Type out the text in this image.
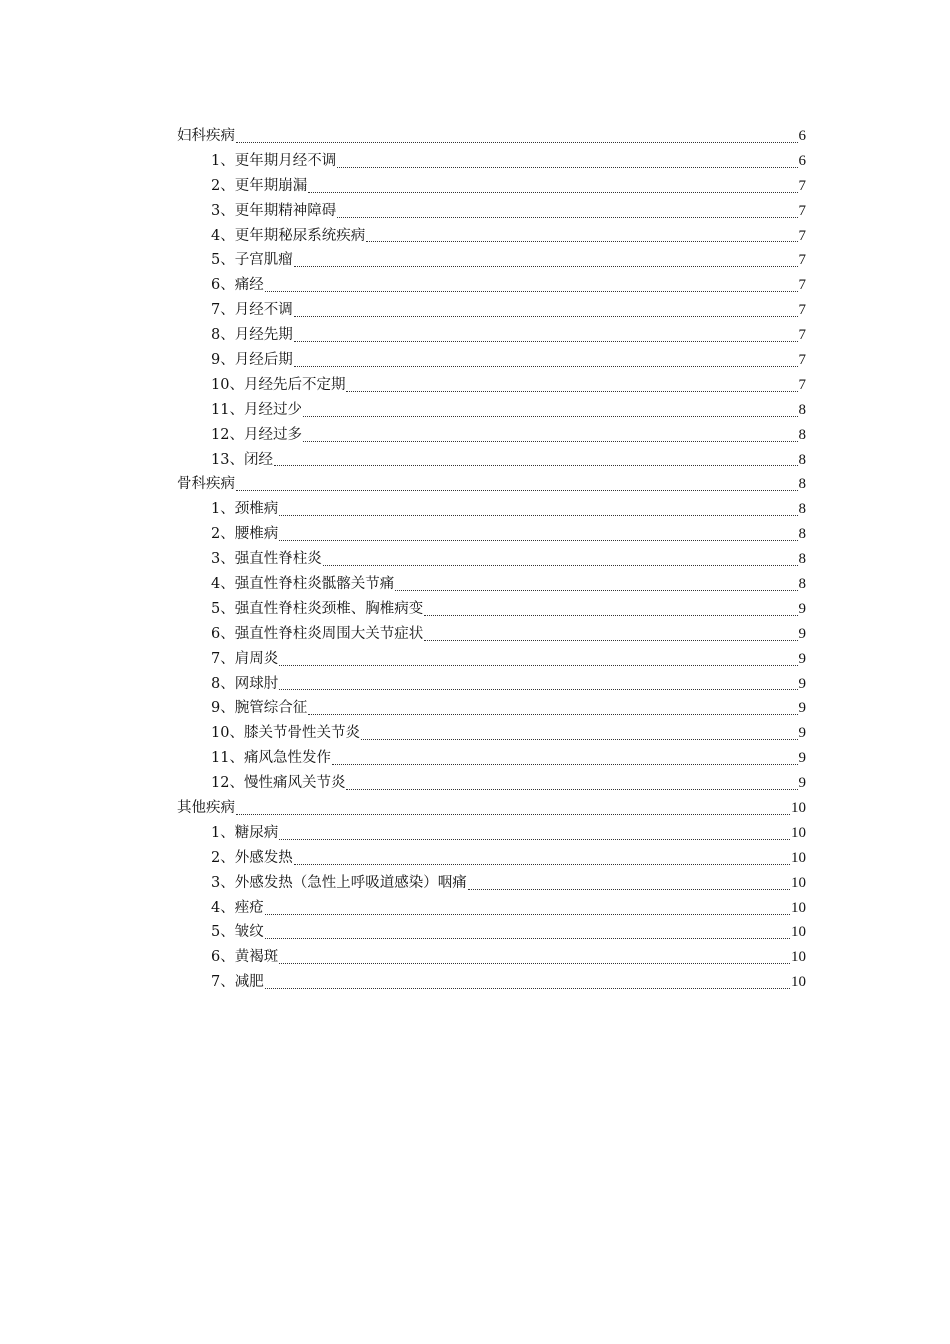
妇科疾病	6
1、更年期月经不调	6
2、更年期崩漏	7
3、更年期精神障碍	7
4、更年期秘尿系统疾病	7
5、子宫肌瘤	7
6、痛经	7
7、月经不调	7
8、月经先期	7
9、月经后期	7
10、月经先后不定期	7
11、月经过少	8
12、月经过多	8
13、闭经	8
骨科疾病	8
1、颈椎病	8
2、腰椎病	8
3、强直性脊柱炎	8
4、强直性脊柱炎骶髂关节痛	8
5、强直性脊柱炎颈椎、胸椎病变	9
6、强直性脊柱炎周围大关节症状	9
7、肩周炎	9
8、网球肘	9
9、腕管综合征	9
10、膝关节骨性关节炎	9
11、痛风急性发作	9
12、慢性痛风关节炎	9
其他疾病	10
1、糖尿病	10
2、外感发热	10
3、外感发热（急性上呼吸道感染）咽痛	10
4、痤疮	10
5、皱纹	10
6、黄褐斑	10
7、减肥	10
